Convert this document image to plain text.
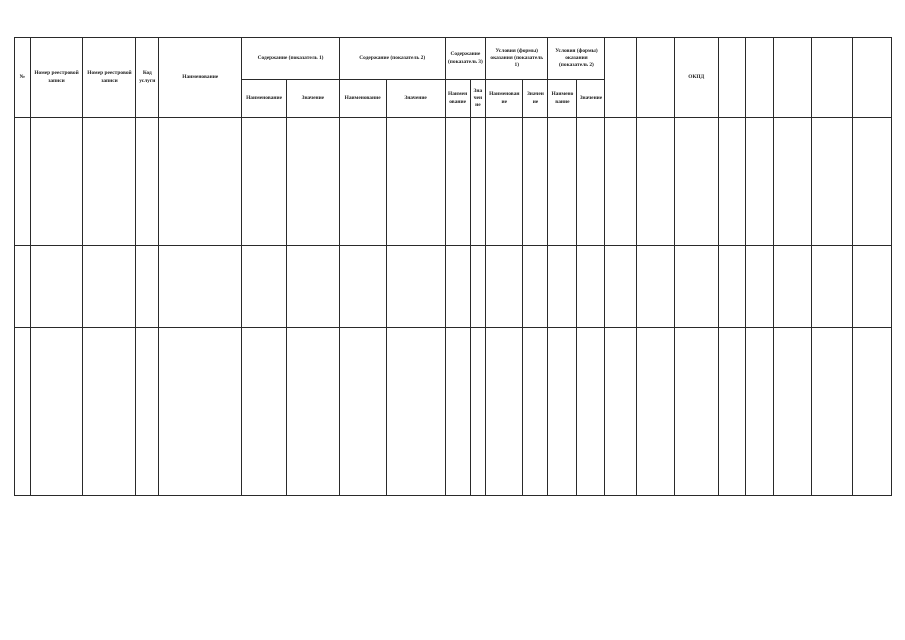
№	Номер реестровой записи	Номер реестровой записи	Код услуги	Наименование	Содержание (показатель 1)		Содержание (показатель 2)		Содержание (показатель 3)		Условия (формы) оказания (показатель 1)		Условия (формы) оказания (показатель 2)				ОКПД					
					Наименование	Значение	Наименование	Значение	Наименование	Значение	Наименование	Значение	Наименование	Значение								
